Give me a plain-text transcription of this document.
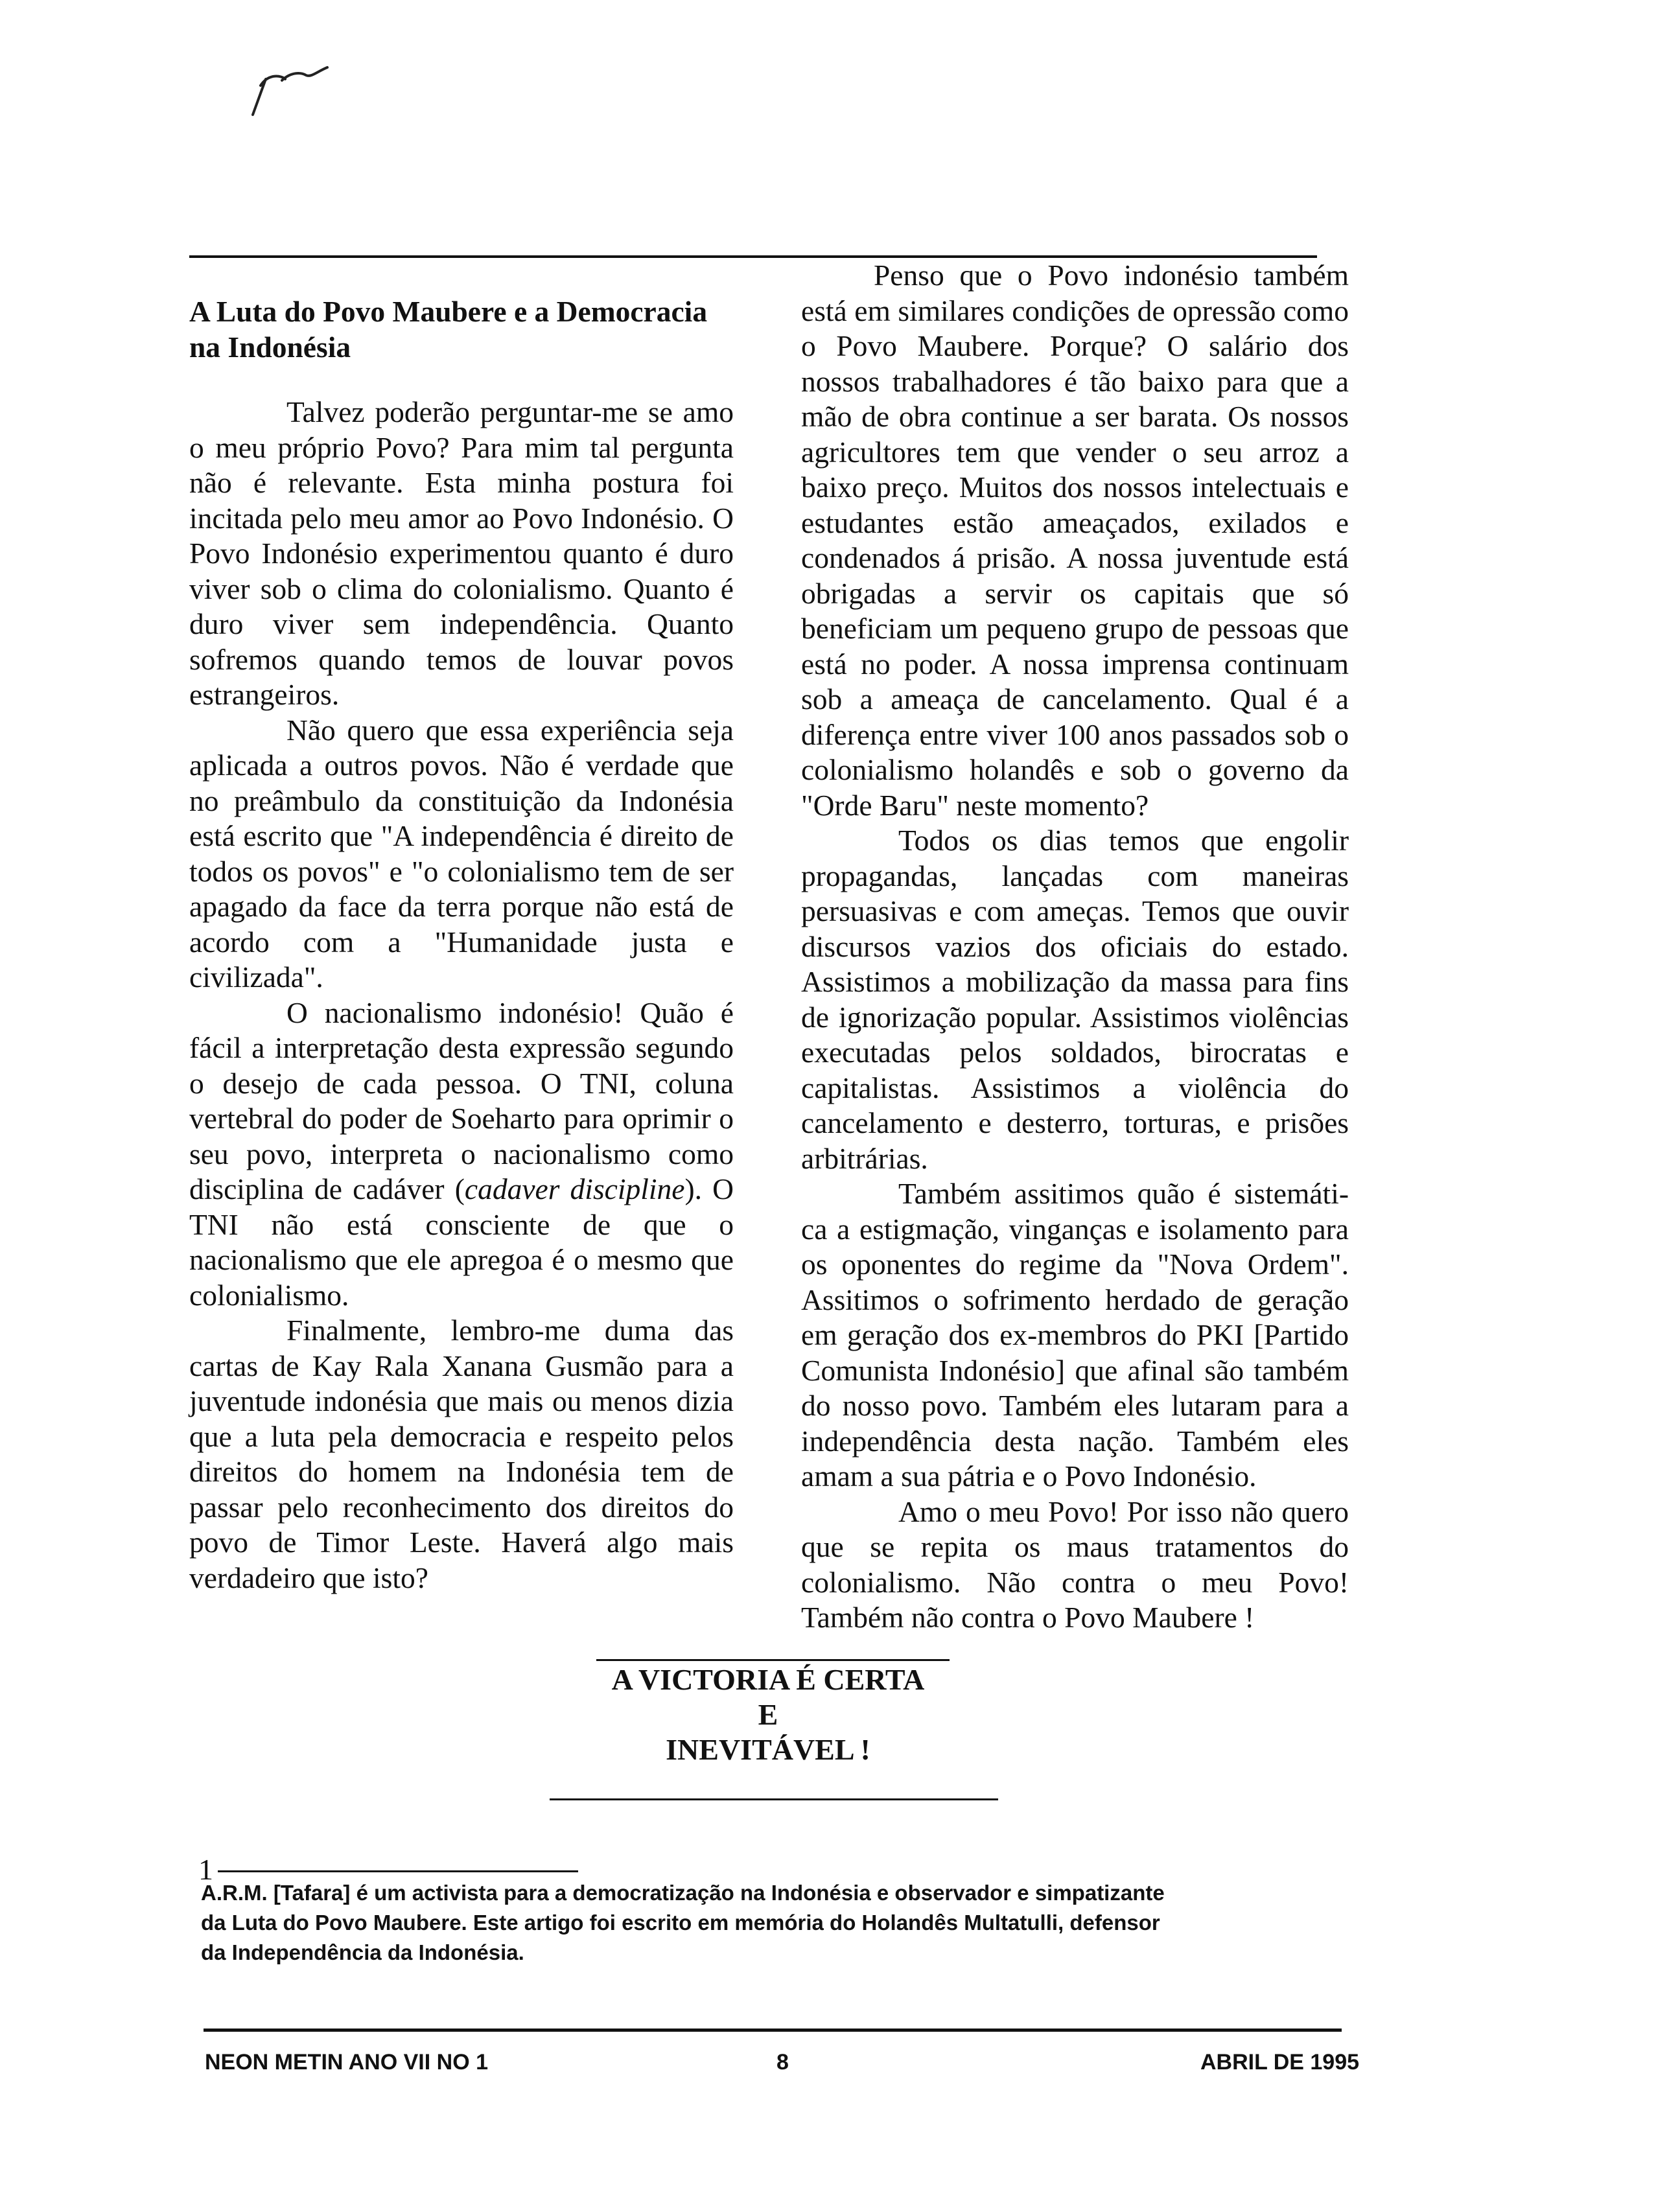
A Luta do Povo Maubere e a Democracia na Indonésia

Talvez poderão perguntar-me se amo o meu próprio Povo? Para mim tal pergunta não é relevante. Esta minha postura foi incitada pelo meu amor ao Povo Indonésio. O Povo Indonésio experimentou quanto é duro viver sob o clima do colonialismo. Quanto é duro viver sem independência. Quanto sofremos quando temos de louvar povos estrangeiros.

Não quero que essa experiência seja aplicada a outros povos. Não é verdade que no preâmbulo da constituição da Indonésia está escrito que "A independência é direito de todos os povos" e "o colonialismo tem de ser apagado da face da terra porque não está de acordo com a "Humanidade justa e civilizada".

O nacionalismo indonésio! Quão é fácil a interpretação desta expressão segundo o desejo de cada pessoa. O TNI, coluna vertebral do poder de Soeharto para oprimir o seu povo, interpreta o nacionalismo como disciplina de cadáver (cadaver discipline). O TNI não está consciente de que o nacionalismo que ele apregoa é o mesmo que colonialismo.

Finalmente, lembro-me duma das cartas de Kay Rala Xanana Gusmão para a juventude indonésia que mais ou menos dizia que a luta pela democracia e respeito pelos direitos do homem na Indonésia tem de passar pelo reconhecimento dos direitos do povo de Timor Leste. Haverá algo mais verdadeiro que isto?

Penso que o Povo indonésio também está em similares condições de opressão como o Povo Maubere. Porque? O salário dos nossos trabalhadores é tão baixo para que a mão de obra continue a ser barata. Os nossos agricultores tem que vender o seu arroz a baixo preço. Muitos dos nossos intelectuais e estudantes estão ameaçados, exilados e condenados á prisão. A nossa juventude está obrigadas a servir os capitais que só beneficiam um pequeno grupo de pessoas que está no poder. A nossa imprensa continuam sob a ameaça de cancelamento. Qual é a diferença entre viver 100 anos passados sob o colonialismo holandês e sob o governo da "Orde Baru" neste momento?

Todos os dias temos que engolir propagandas, lançadas com maneiras persuasivas e com ameças. Temos que ouvir discursos vazios dos oficiais do estado. Assistimos a mobilização da massa para fins de ignorização popular. Assistimos violências executadas pelos soldados, birocratas e capitalistas. Assistimos a violência do cancelamento e desterro, torturas, e prisões arbitrárias.

Também assitimos quão é sistemáti-ca a estigmação, vinganças e isolamento para os oponentes do regime da "Nova Ordem". Assitimos o sofrimento herdado de geração em geração dos ex-membros do PKI [Partido Comunista Indonésio] que afinal são também do nosso povo. Também eles lutaram para a independência desta nação. Também eles amam a sua pátria e o Povo Indonésio.

Amo o meu Povo! Por isso não quero que se repita os maus tratamentos do colonialismo. Não contra o meu Povo! Também não contra o Povo Maubere !

A VICTORIA É CERTA
E
INEVITÁVEL !
1
A.R.M. [Tafara] é um activista para a democratização na Indonésia e observador e simpatizante da Luta do Povo Maubere. Este artigo foi escrito em memória do Holandês Multatulli, defensor da Independência da Indonésia.
NEON METIN ANO VII NO 1	8	ABRIL DE 1995
